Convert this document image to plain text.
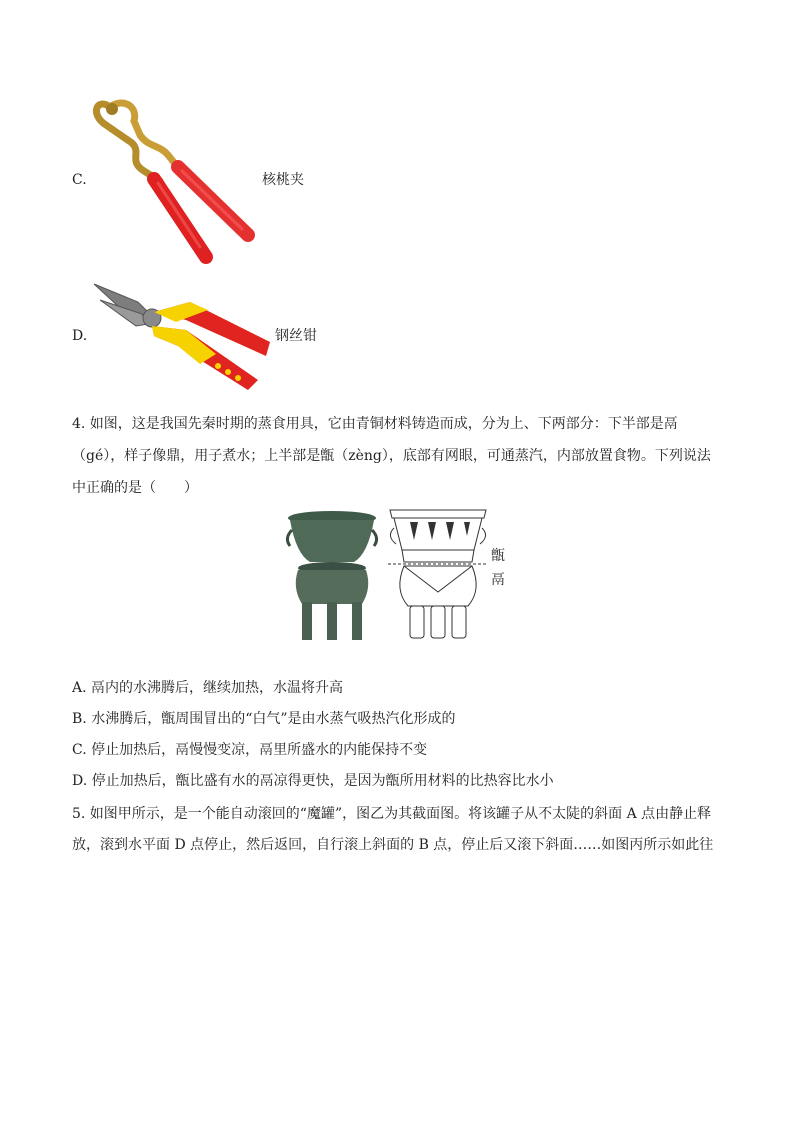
C.	核桃夹
D.	钢丝钳
4. 如图，这是我国先秦时期的蒸食用具，它由青铜材料铸造而成，分为上、下两部分：下半部是鬲
（gé），样子像鼎，用子煮水；上半部是甑（zèng），底部有网眼，可通蒸汽，内部放置食物。下列说法
中正确的是（　　）
甑
鬲
A. 鬲内的水沸腾后，继续加热，水温将升高
B. 水沸腾后，甑周围冒出的“白气”是由水蒸气吸热汽化形成的
C. 停止加热后，鬲慢慢变凉，鬲里所盛水的内能保持不变
D. 停止加热后，甑比盛有水的鬲凉得更快，是因为甑所用材料的比热容比水小
5. 如图甲所示，是一个能自动滚回的“魔罐”，图乙为其截面图。将该罐子从不太陡的斜面 A 点由静止释
放，滚到水平面 D 点停止，然后返回，自行滚上斜面的 B 点，停止后又滚下斜面……如图丙所示如此往
